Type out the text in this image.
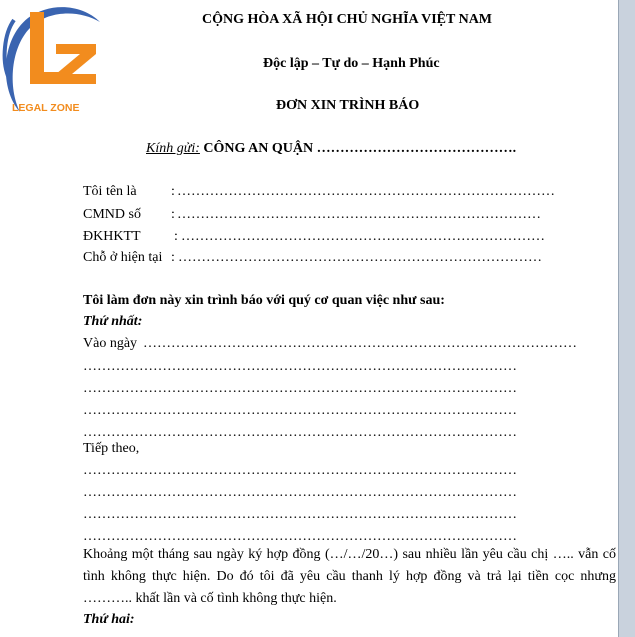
LEGAL ZONE
CỘNG HÒA XÃ HỘI CHỦ NGHĨA VIỆT NAM
Độc lập – Tự do – Hạnh Phúc
ĐƠN XIN TRÌNH BÁO
Kính gửi: CÔNG AN QUẬN …………………………………….
Tôi tên là : ………………………………………………………………………
CMND số : ……………………………………………………………………
ĐKHKTT : ……………………………………………………………………
Chỗ ở hiện tại : ……………………………………………………………………
Tôi làm đơn này xin trình báo với quý cơ quan việc như sau:
Thứ nhất:
Vào ngày …………………………………………………………………………………
…………………………………………………………………………………
…………………………………………………………………………………
…………………………………………………………………………………
…………………………………………………………………………………
Tiếp theo,
…………………………………………………………………………………
…………………………………………………………………………………
…………………………………………………………………………………
…………………………………………………………………………………
Khoảng một tháng sau ngày ký hợp đồng (…/…/20…) sau nhiều lần yêu cầu chị ….. vẫn cố
tình không thực hiện. Do đó tôi đã yêu cầu thanh lý hợp đồng và trả lại tiền cọc nhưng
……….. khất lần và cố tình không thực hiện.
Thứ hai:
